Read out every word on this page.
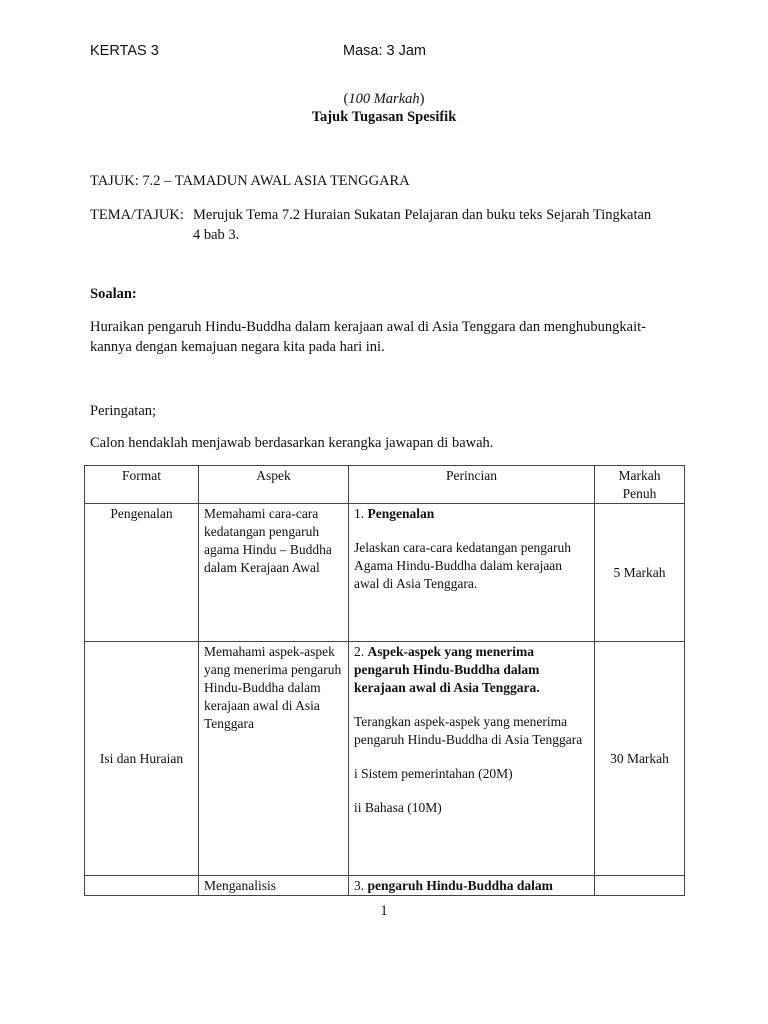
KERTAS 3	Masa: 3 Jam
(100 Markah)
Tajuk Tugasan Spesifik
TAJUK: 7.2 – TAMADUN AWAL ASIA TENGGARA
TEMA/TAJUK: Merujuk Tema 7.2 Huraian Sukatan Pelajaran dan buku teks Sejarah Tingkatan
4 bab 3.
Soalan:
Huraikan pengaruh Hindu-Buddha dalam kerajaan awal di Asia Tenggara dan menghubungkait-
kannya dengan kemajuan negara kita pada hari ini.
Peringatan;
Calon hendaklah menjawab berdasarkan kerangka jawapan di bawah.
Format	Aspek	Perincian	Markah Penuh
Pengenalan	Memahami cara-cara kedatangan pengaruh agama Hindu – Buddha dalam Kerajaan Awal	1. Pengenalan
Jelaskan cara-cara kedatangan pengaruh Agama Hindu-Buddha dalam kerajaan awal di Asia Tenggara.	5 Markah
Isi dan Huraian	Memahami aspek-aspek yang menerima pengaruh Hindu-Buddha dalam kerajaan awal di Asia Tenggara	2. Aspek-aspek yang menerima pengaruh Hindu-Buddha dalam kerajaan awal di Asia Tenggara.
Terangkan aspek-aspek yang menerima pengaruh Hindu-Buddha di Asia Tenggara
i Sistem pemerintahan (20M)
ii Bahasa (10M)	30 Markah
	Menganalisis	3. pengaruh Hindu-Buddha dalam	
1
